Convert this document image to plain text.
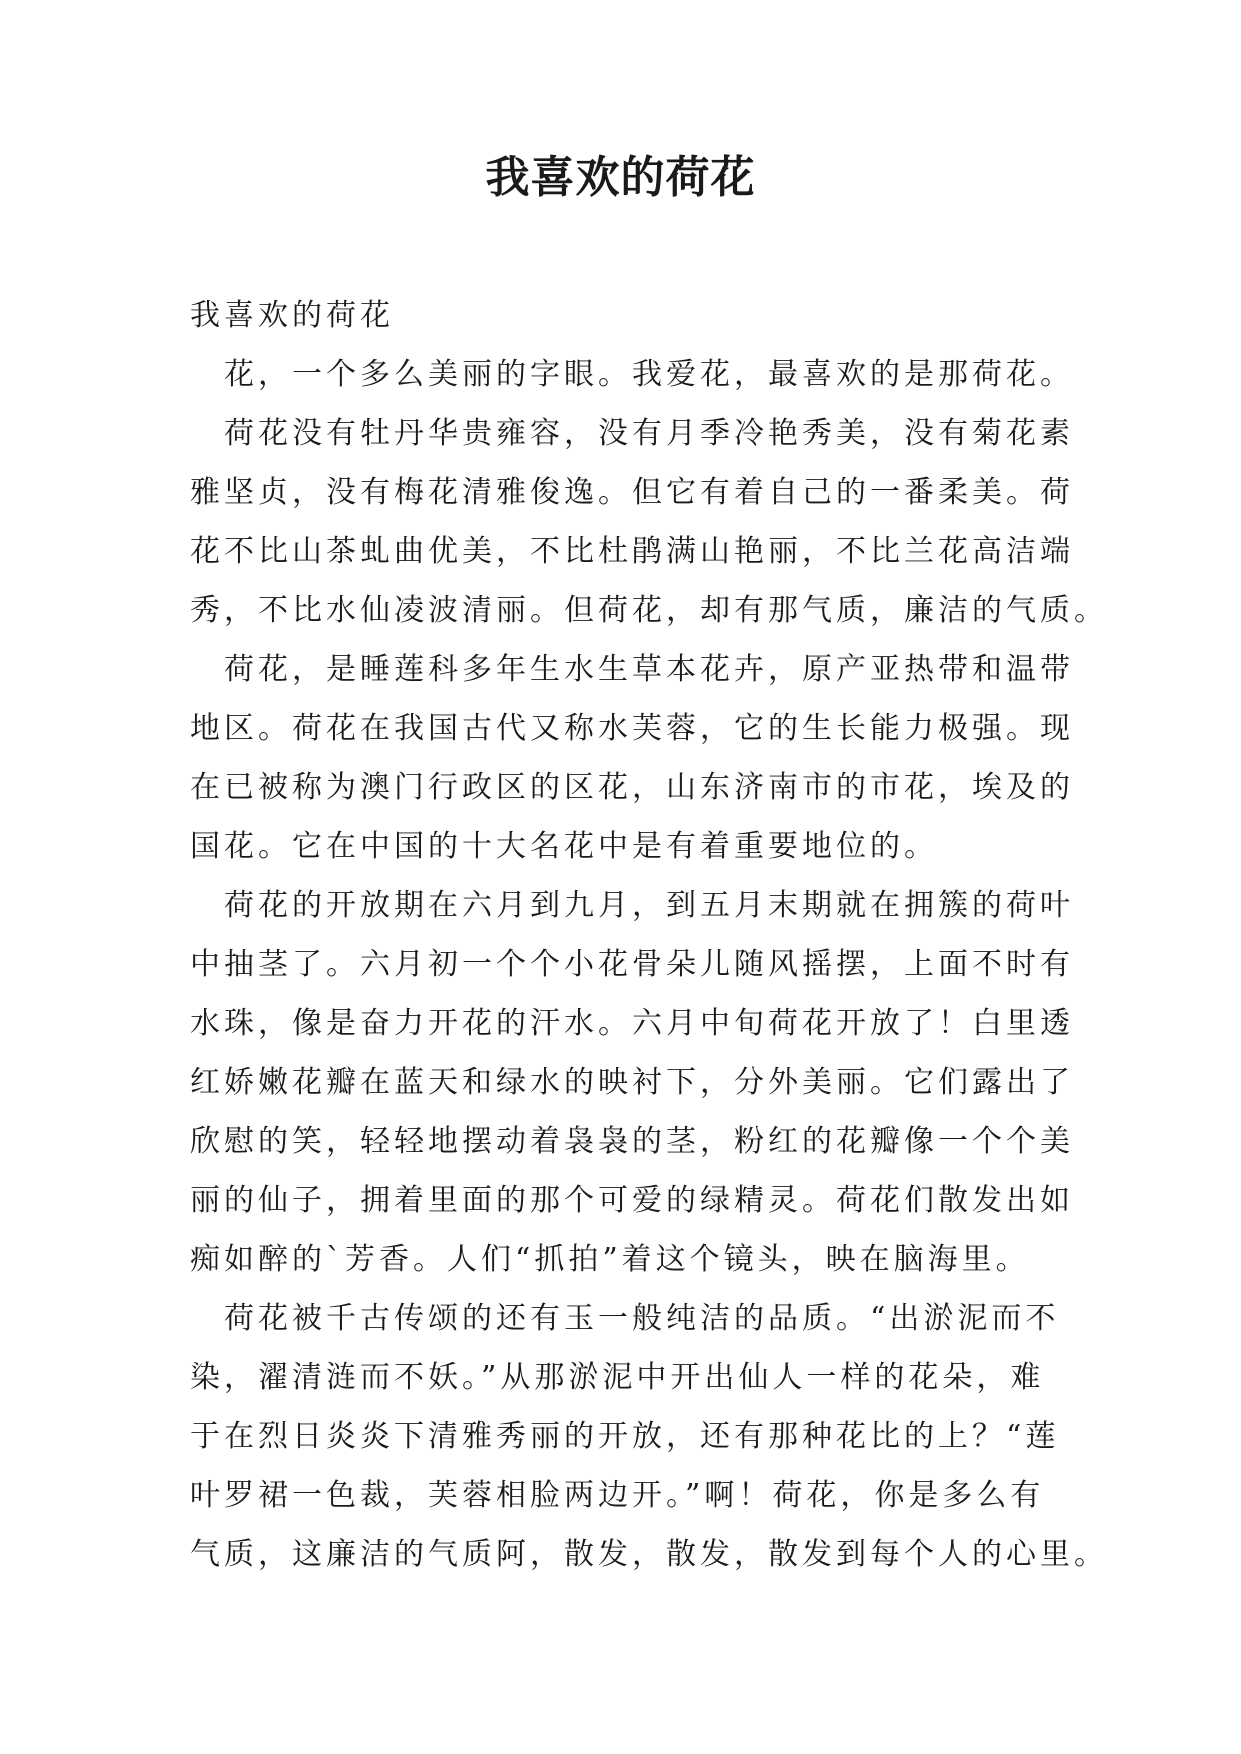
我喜欢的荷花
我喜欢的荷花
花，一个多么美丽的字眼。我爱花，最喜欢的是那荷花。
荷花没有牡丹华贵雍容，没有月季冷艳秀美，没有菊花素
雅坚贞，没有梅花清雅俊逸。但它有着自己的一番柔美。荷
花不比山茶虬曲优美，不比杜鹃满山艳丽，不比兰花高洁端
秀，不比水仙凌波清丽。但荷花，却有那气质，廉洁的气质。
荷花，是睡莲科多年生水生草本花卉，原产亚热带和温带
地区。荷花在我国古代又称水芙蓉，它的生长能力极强。现
在已被称为澳门行政区的区花，山东济南市的市花，埃及的
国花。它在中国的十大名花中是有着重要地位的。
荷花的开放期在六月到九月，到五月末期就在拥簇的荷叶
中抽茎了。六月初一个个小花骨朵儿随风摇摆，上面不时有
水珠，像是奋力开花的汗水。六月中旬荷花开放了！白里透
红娇嫩花瓣在蓝天和绿水的映衬下，分外美丽。它们露出了
欣慰的笑，轻轻地摆动着袅袅的茎，粉红的花瓣像一个个美
丽的仙子，拥着里面的那个可爱的绿精灵。荷花们散发出如
痴如醉的`芳香。人们“抓拍”着这个镜头，映在脑海里。
荷花被千古传颂的还有玉一般纯洁的品质。“出淤泥而不
染，濯清涟而不妖。”从那淤泥中开出仙人一样的花朵，难
于在烈日炎炎下清雅秀丽的开放，还有那种花比的上？“莲
叶罗裙一色裁，芙蓉相脸两边开。”啊！荷花，你是多么有
气质，这廉洁的气质阿，散发，散发，散发到每个人的心里。
